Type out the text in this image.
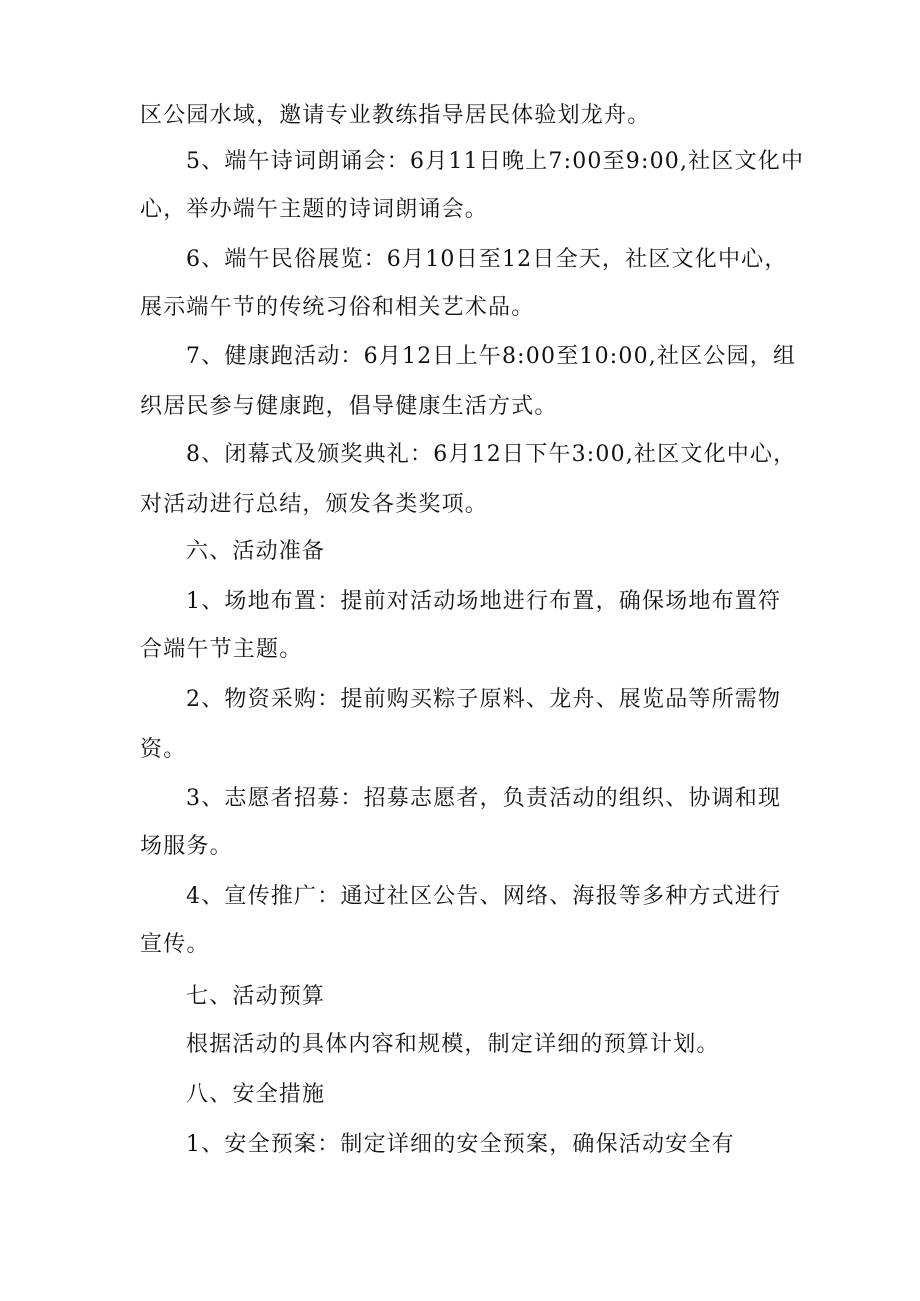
区公园水域，邀请专业教练指导居民体验划龙舟。
5、端午诗词朗诵会：6月11日晚上7:00至9:00,社区文化中
心，举办端午主题的诗词朗诵会。
6、端午民俗展览：6月10日至12日全天，社区文化中心，
展示端午节的传统习俗和相关艺术品。
7、健康跑活动：6月12日上午8:00至10:00,社区公园，组
织居民参与健康跑，倡导健康生活方式。
8、闭幕式及颁奖典礼：6月12日下午3:00,社区文化中心，
对活动进行总结，颁发各类奖项。
六、活动准备
1、场地布置：提前对活动场地进行布置，确保场地布置符
合端午节主题。
2、物资采购：提前购买粽子原料、龙舟、展览品等所需物
资。
3、志愿者招募：招募志愿者，负责活动的组织、协调和现
场服务。
4、宣传推广：通过社区公告、网络、海报等多种方式进行
宣传。
七、活动预算
根据活动的具体内容和规模，制定详细的预算计划。
八、安全措施
1、安全预案：制定详细的安全预案，确保活动安全有
